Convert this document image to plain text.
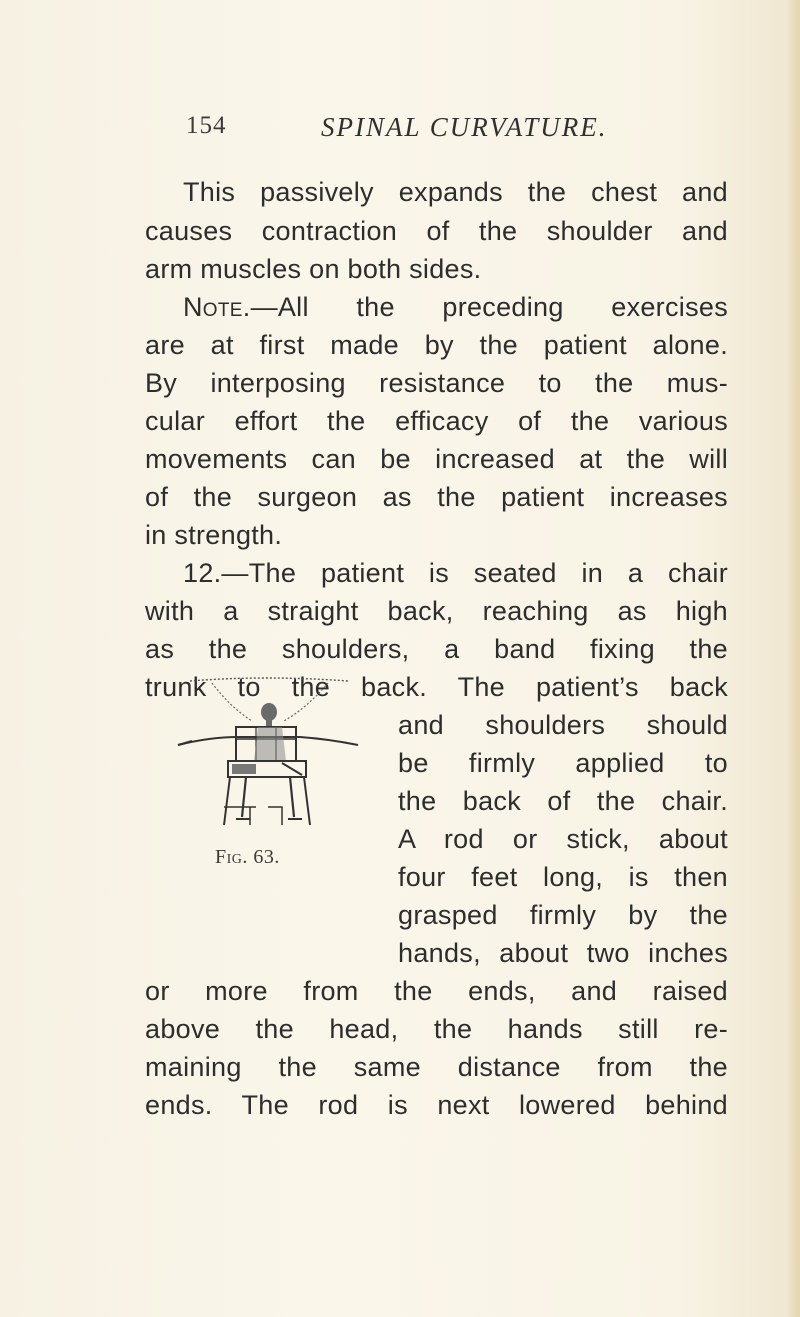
154	SPINAL CURVATURE.
This passively expands the chest and
causes contraction of the shoulder and
arm muscles on both sides.
Note.—All the preceding exercises
are at first made by the patient alone.
By interposing resistance to the mus-
cular effort the efficacy of the various
movements can be increased at the will
of the surgeon as the patient increases
in strength.
12.—The patient is seated in a chair
with a straight back, reaching as high
as the shoulders, a band fixing the
trunk to the back. The patient’s back
and shoulders should
be firmly applied to
the back of the chair.
A rod or stick, about
four feet long, is then
grasped firmly by the
hands, about two inches
or more from the ends, and raised
above the head, the hands still re-
maining the same distance from the
ends. The rod is next lowered behind
Fig. 63.
